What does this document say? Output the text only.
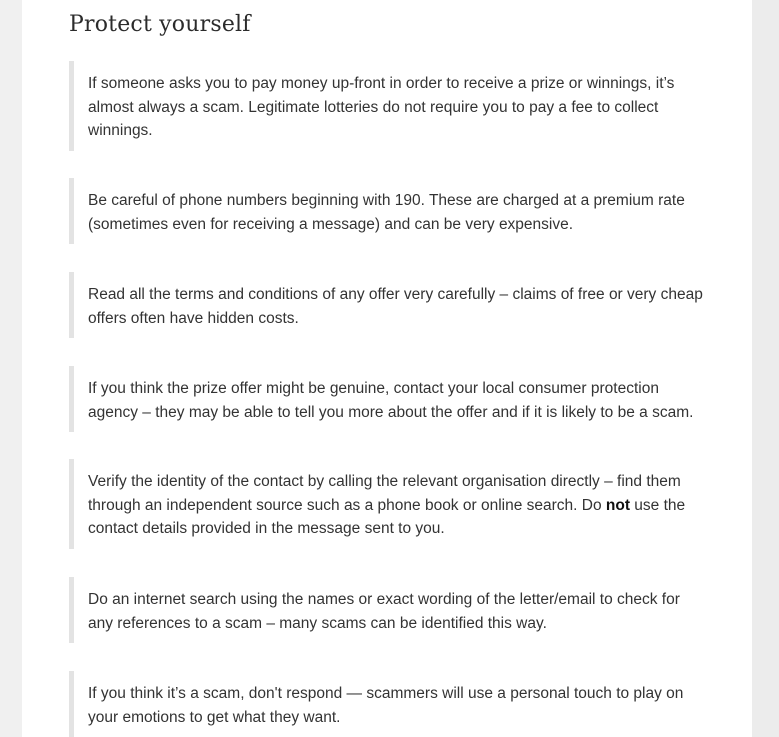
Protect yourself

If someone asks you to pay money up-front in order to receive a prize or winnings, it’s almost always a scam. Legitimate lotteries do not require you to pay a fee to collect winnings.

Be careful of phone numbers beginning with 190. These are charged at a premium rate (sometimes even for receiving a message) and can be very expensive.

Read all the terms and conditions of any offer very carefully – claims of free or very cheap offers often have hidden costs.

If you think the prize offer might be genuine, contact your local consumer protection agency – they may be able to tell you more about the offer and if it is likely to be a scam.

Verify the identity of the contact by calling the relevant organisation directly – find them through an independent source such as a phone book or online search. Do not use the contact details provided in the message sent to you.

Do an internet search using the names or exact wording of the letter/email to check for any references to a scam – many scams can be identified this way.

If you think it’s a scam, don't respond — scammers will use a personal touch to play on your emotions to get what they want.
